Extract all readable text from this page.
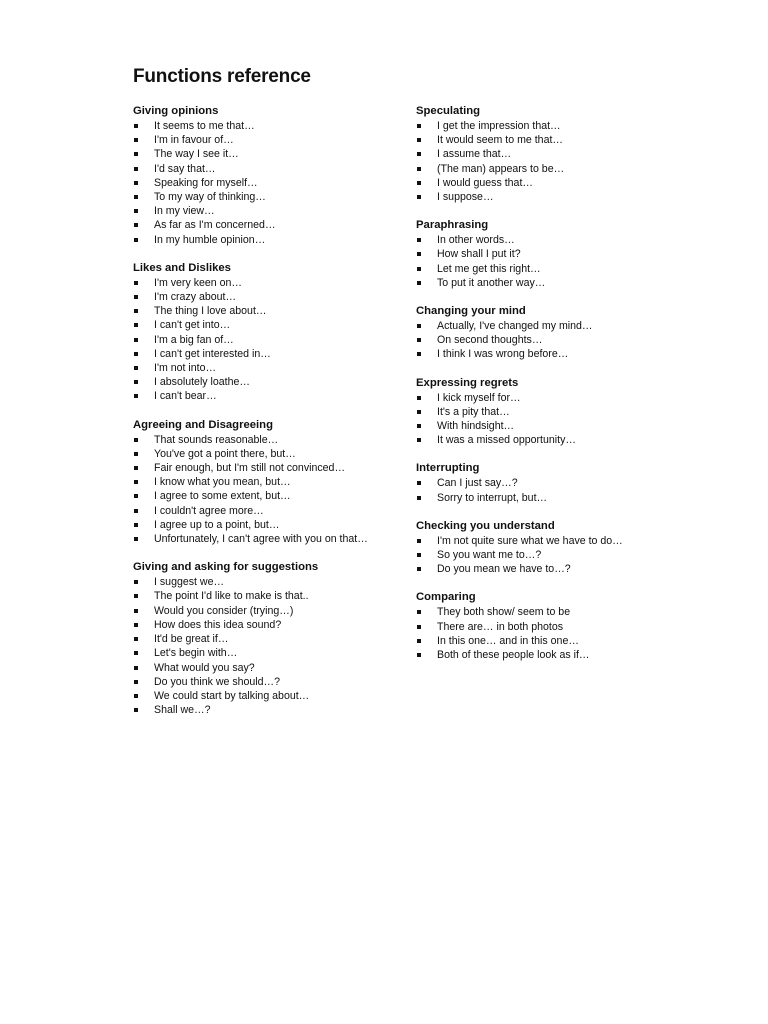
Functions reference
Giving opinions
It seems to me that…
I'm in favour of…
The way I see it…
I'd say that…
Speaking for myself…
To my way of thinking…
In my view…
As far as I'm concerned…
In my humble opinion…
Likes and Dislikes
I'm very keen on…
I'm crazy about…
The thing I love about…
I can't get into…
I'm a big fan of…
I can't get interested in…
I'm not into…
I absolutely loathe…
I can't bear…
Agreeing and Disagreeing
That sounds reasonable…
You've got a point there, but…
Fair enough, but I'm still not convinced…
I know what you mean, but…
I agree to some extent, but…
I couldn't agree more…
I agree up to a point, but…
Unfortunately, I can't agree with you on that…
Giving and asking for suggestions
I suggest we…
The point I'd like to make is that..
Would you consider (trying…)
How does this idea sound?
It'd be great if…
Let's begin with…
What would you say?
Do you think we should…?
We could start by talking about…
Shall we…?
Speculating
I get the impression that…
It would seem to me that…
I assume that…
(The man) appears to be…
I would guess that…
I suppose…
Paraphrasing
In other words…
How shall I put it?
Let me get this right…
To put it another way…
Changing your mind
Actually, I've changed my mind…
On second thoughts…
I think I was wrong before…
Expressing regrets
I kick myself for…
It's a pity that…
With hindsight…
It was a missed opportunity…
Interrupting
Can I just say…?
Sorry to interrupt, but…
Checking you understand
I'm not quite sure what we have to do…
So you want me to…?
Do you mean we have to…?
Comparing
They both show/ seem to be
There are… in both photos
In this one… and in this one…
Both of these people look as if…
